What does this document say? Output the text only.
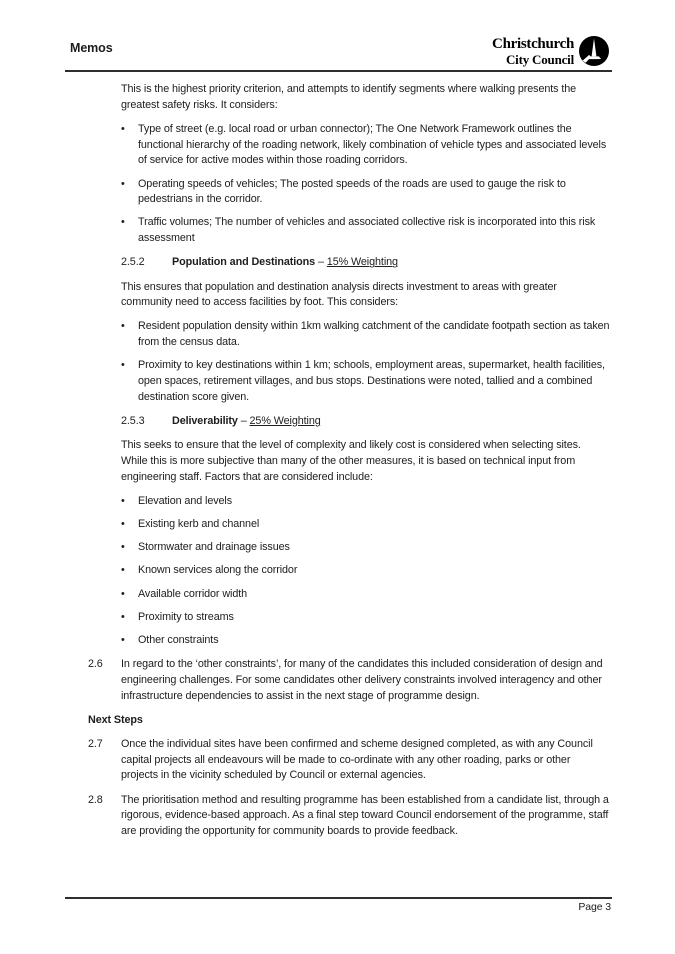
Memos	Christchurch
City Council

This is the highest priority criterion, and attempts to identify segments where walking presents the greatest safety risks. It considers:

• Type of street (e.g. local road or urban connector); The One Network Framework outlines the functional hierarchy of the roading network, likely combination of vehicle types and associated levels of service for active modes within those roading corridors.
• Operating speeds of vehicles; The posted speeds of the roads are used to gauge the risk to pedestrians in the corridor.
• Traffic volumes; The number of vehicles and associated collective risk is incorporated into this risk assessment
2.5.2	Population and Destinations – 15% Weighting

This ensures that population and destination analysis directs investment to areas with greater community need to access facilities by foot. This considers:

• Resident population density within 1km walking catchment of the candidate footpath section as taken from the census data.
• Proximity to key destinations within 1 km; schools, employment areas, supermarket, health facilities, open spaces, retirement villages, and bus stops. Destinations were noted, tallied and a combined destination score given.
2.5.3	Deliverability – 25% Weighting

This seeks to ensure that the level of complexity and likely cost is considered when selecting sites. While this is more subjective than many of the other measures, it is based on technical input from engineering staff. Factors that are considered include:

• Elevation and levels
• Existing kerb and channel
• Stormwater and drainage issues
• Known services along the corridor
• Available corridor width
• Proximity to streams
• Other constraints
2.6	In regard to the ‘other constraints’, for many of the candidates this included consideration of design and engineering challenges. For some candidates other delivery constraints involved interagency and other infrastructure dependencies to assist in the next stage of programme design.
Next Steps
2.7	Once the individual sites have been confirmed and scheme designed completed, as with any Council capital projects all endeavours will be made to co-ordinate with any other roading, parks or other projects in the vicinity scheduled by Council or external agencies.
2.8	The prioritisation method and resulting programme has been established from a candidate list, through a rigorous, evidence-based approach. As a final step toward Council endorsement of the programme, staff are providing the opportunity for community boards to provide feedback.
Page 3
